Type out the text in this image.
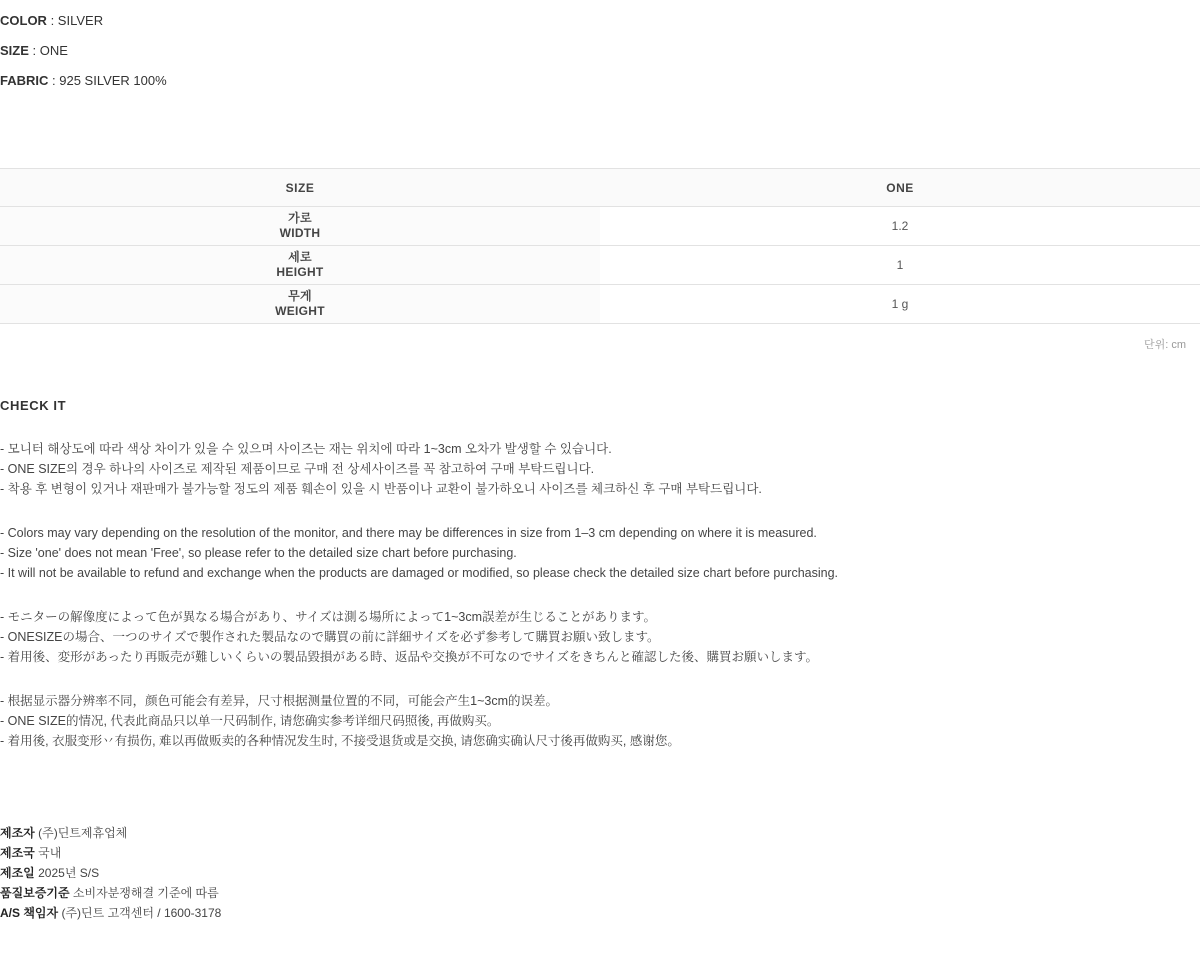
COLOR : SILVER
SIZE : ONE
FABRIC : 925 SILVER 100%
SIZE	ONE

가로
WIDTH	1.2

세로
HEIGHT	1

무게
WEIGHT	1 g
단위: cm
CHECK IT
- 모니터 해상도에 따라 색상 차이가 있을 수 있으며 사이즈는 재는 위치에 따라 1~3cm 오차가 발생할 수 있습니다.
- ONE SIZE의 경우 하나의 사이즈로 제작된 제품이므로 구매 전 상세사이즈를 꼭 참고하여 구매 부탁드립니다.
- 착용 후 변형이 있거나 재판매가 불가능할 정도의 제품 훼손이 있을 시 반품이나 교환이 불가하오니 사이즈를 체크하신 후 구매 부탁드립니다.
- Colors may vary depending on the resolution of the monitor, and there may be differences in size from 1–3 cm depending on where it is measured.
- Size 'one' does not mean 'Free', so please refer to the detailed size chart before purchasing.
- It will not be available to refund and exchange when the products are damaged or modified, so please check the detailed size chart before purchasing.
- モニターの解像度によって色が異なる場合があり、サイズは測る場所によって1~3cm誤差が生じることがあります。
- ONESIZEの場合、一つのサイズで製作された製品なので購買の前に詳細サイズを必ず参考して購買お願い致します。
- 着用後、変形があったり再販売が難しいくらいの製品毀損がある時、返品や交換が不可なのでサイズをきちんと確認した後、購買お願いします。
- 根据显示器分辨率不同，颜色可能会有差异，尺寸根据测量位置的不同，可能会产生1~3cm的误差。
- ONE SIZE的情况, 代表此商品只以单一尺码制作, 请您确实参考详细尺码照後, 再做购买。
- 着用後, 衣服变形丷有损伤, 难以再做贩卖的各种情况发生时, 不接受退货或是交换, 请您确实确认尺寸後再做购买, 感谢您。
제조자 (주)딘트제휴업체
제조국 국내
제조일 2025년 S/S
품질보증기준 소비자분쟁해결 기준에 따름
A/S 책임자 (주)딘트 고객센터 / 1600-3178
